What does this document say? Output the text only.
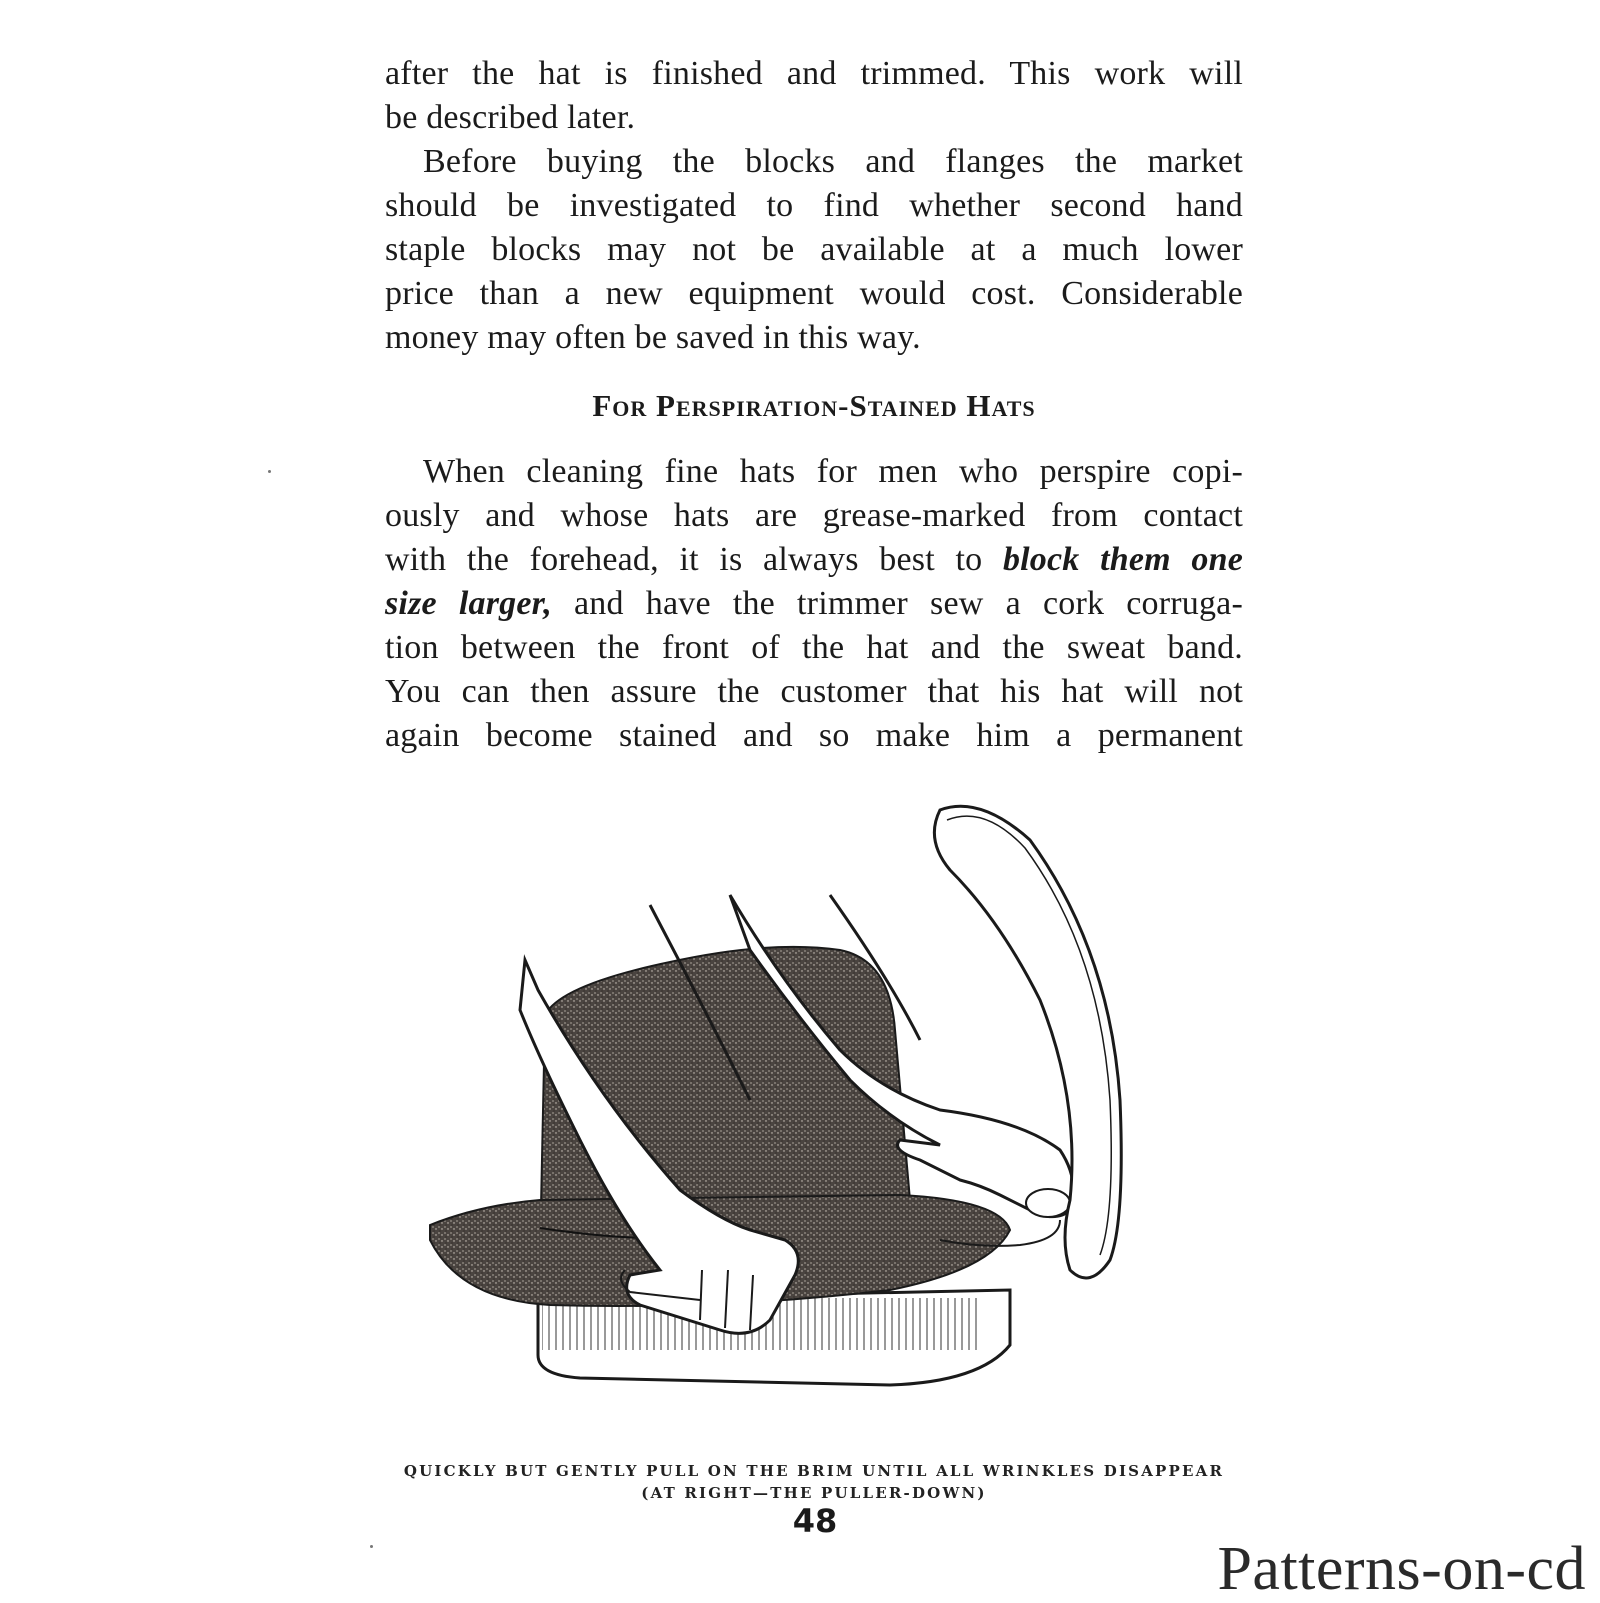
after the hat is finished and trimmed. This work will
be described later.

Before buying the blocks and flanges the market
should be investigated to find whether second hand
staple blocks may not be available at a much lower
price than a new equipment would cost. Considerable
money may often be saved in this way.

For Perspiration-Stained Hats

When cleaning fine hats for men who perspire copi-
ously and whose hats are grease-marked from contact
with the forehead, it is always best to block them one
size larger, and have the trimmer sew a cork corruga-
tion between the front of the hat and the sweat band.
You can then assure the customer that his hat will not
again become stained and so make him a permanent

QUICKLY BUT GENTLY PULL ON THE BRIM UNTIL ALL WRINKLES DISAPPEAR
(AT RIGHT—THE PULLER-DOWN)
48
Patterns-on-cd
